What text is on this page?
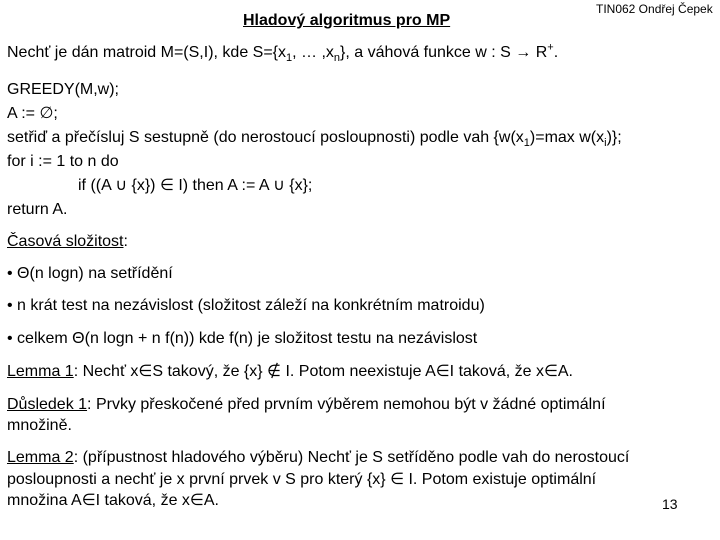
Hladový algoritmus pro MP
TIN062 Ondřej Čepek
Nechť je dán matroid M=(S,I), kde $S=\{x_1$, … $,x_n$}, a váhová funkce w : S → R+.
GREEDY(M,w);
A := ∅;
setřiď a přečísluj S sestupně (do nerostoucí posloupnosti) podle vah {$w(x_1)=\max$ $w(x_i)$};
for i := 1 to n do
if ((A ∪ {x}) ∈ I) then A := A ∪ {x};
return A.
Časová složitost:
• Θ(n logn) na setřídění
• n krát test na nezávislost (složitost záleží na konkrétním matroidu)
• celkem Θ(n logn + n f(n)) kde f(n) je složitost testu na nezávislost
Lemma 1: Nechť x∈S takový, že {x} ∉ I. Potom neexistuje A∈I taková, že x∈A.
Důsledek 1: Prvky přeskočené před prvním výběrem nemohou být v žádné optimální
množině.
Lemma 2: (přípustnost hladového výběru) Nechť je S setříděno podle vah do nerostoucí
posloupnosti a nechť je x první prvek v S pro který {x} ∈ I. Potom existuje optimální
množina A∈I taková, že x∈A.	13
